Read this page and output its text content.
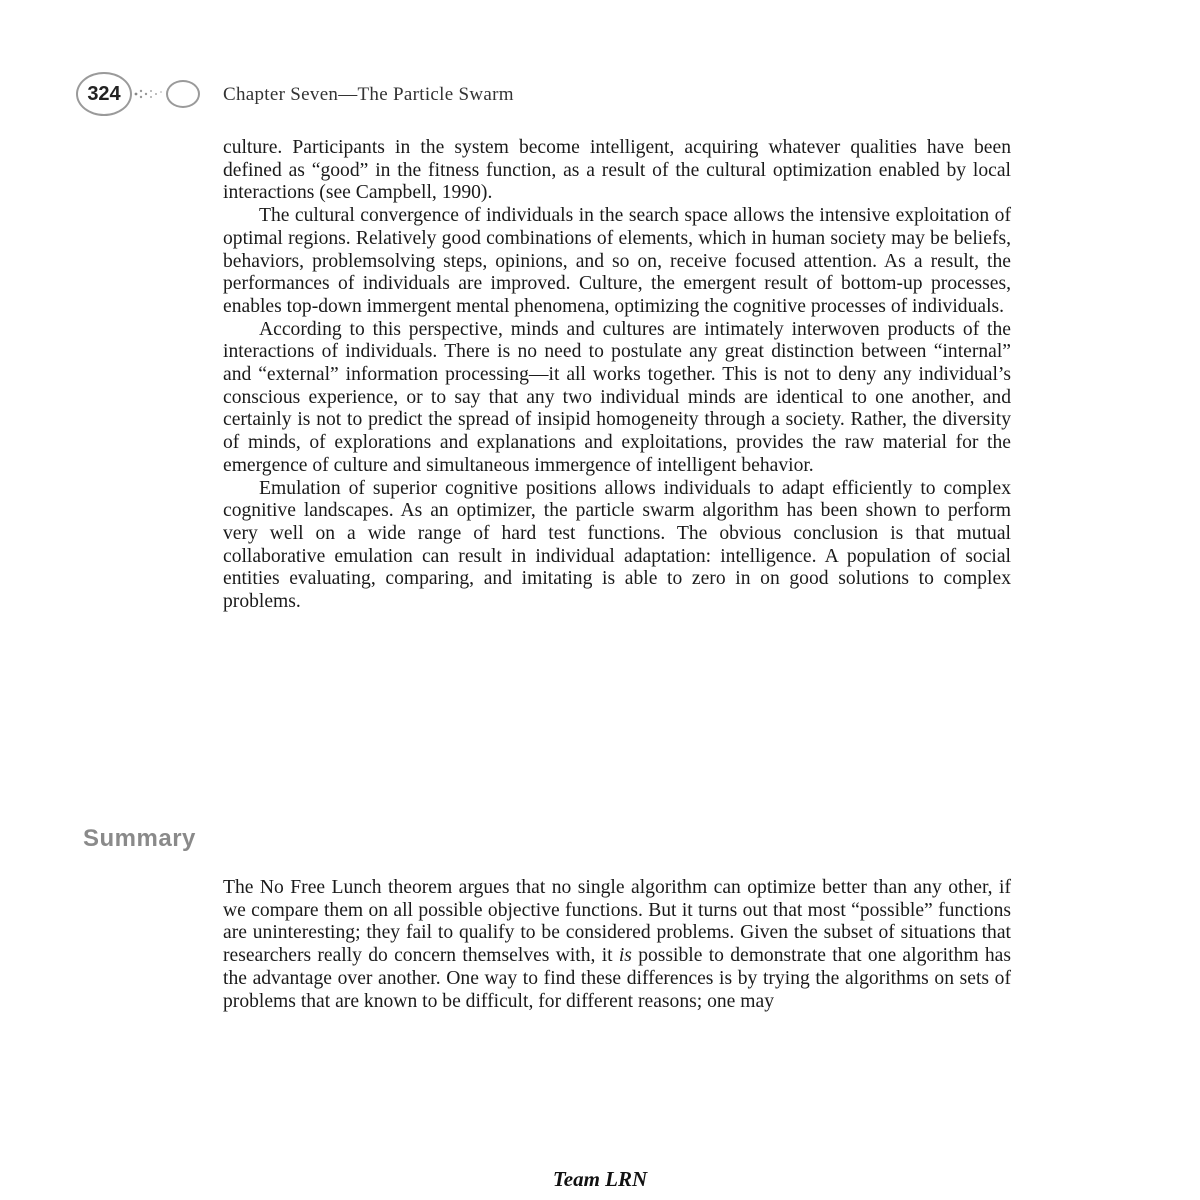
324	Chapter Seven—The Particle Swarm

culture. Participants in the system become intelligent, acquiring whatever qualities have been defined as “good” in the fitness function, as a result of the cultural optimization enabled by local interactions (see Campbell, 1990).

The cultural convergence of individuals in the search space allows the intensive exploitation of optimal regions. Relatively good combinations of elements, which in human society may be beliefs, behaviors, problemsolving steps, opinions, and so on, receive focused attention. As a result, the performances of individuals are improved. Culture, the emergent result of bottom-up processes, enables top-down immergent mental phenomena, optimizing the cognitive processes of individuals.

According to this perspective, minds and cultures are intimately interwoven products of the interactions of individuals. There is no need to postulate any great distinction between “internal” and “external” information processing—it all works together. This is not to deny any individual’s conscious experience, or to say that any two individual minds are identical to one another, and certainly is not to predict the spread of insipid homogeneity through a society. Rather, the diversity of minds, of explorations and explanations and exploitations, provides the raw material for the emergence of culture and simultaneous immergence of intelligent behavior.

Emulation of superior cognitive positions allows individuals to adapt efficiently to complex cognitive landscapes. As an optimizer, the particle swarm algorithm has been shown to perform very well on a wide range of hard test functions. The obvious conclusion is that mutual collaborative emulation can result in individual adaptation: intelligence. A population of social entities evaluating, comparing, and imitating is able to zero in on good solutions to complex problems.

Summary

The No Free Lunch theorem argues that no single algorithm can optimize better than any other, if we compare them on all possible objective functions. But it turns out that most “possible” functions are uninteresting; they fail to qualify to be considered problems. Given the subset of situations that researchers really do concern themselves with, it is possible to demonstrate that one algorithm has the advantage over another. One way to find these differences is by trying the algorithms on sets of problems that are known to be difficult, for different reasons; one may

Team LRN
